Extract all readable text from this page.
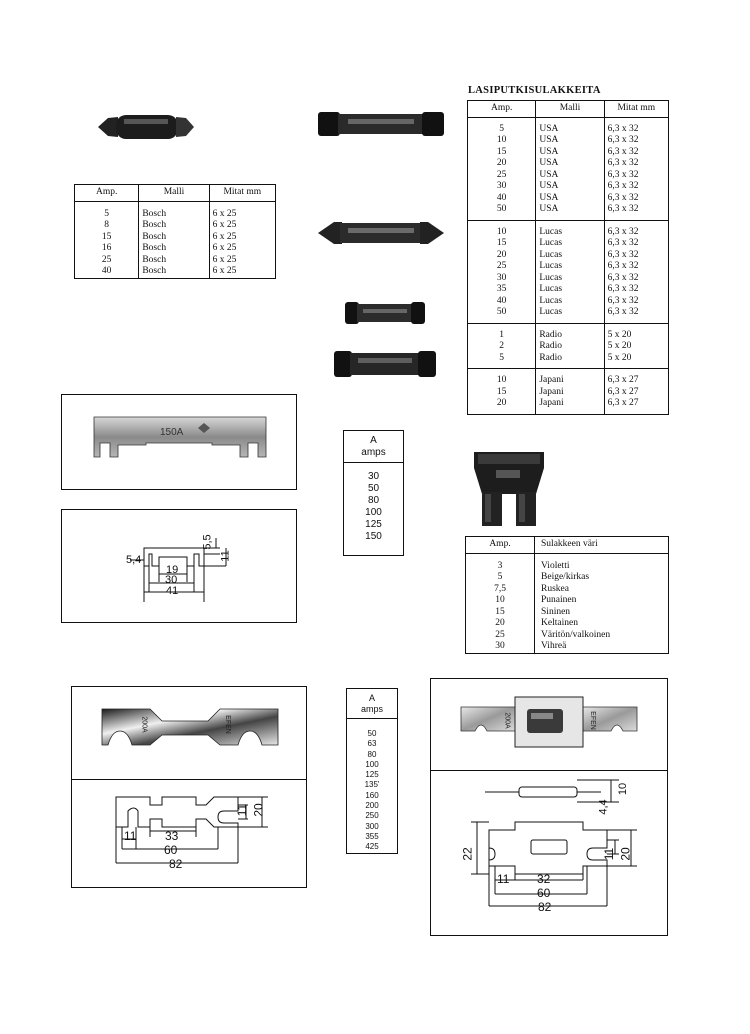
Amp.	Malli	Mitat mm
5	Bosch	6 x 25
8	Bosch	6 x 25
15	Bosch	6 x 25
16	Bosch	6 x 25
25	Bosch	6 x 25
40	Bosch	6 x 25
LASIPUTKISULAKKEITA
Amp.	Malli	Mitat mm
5	USA	6,3 x 32
10	USA	6,3 x 32
15	USA	6,3 x 32
20	USA	6,3 x 32
25	USA	6,3 x 32
30	USA	6,3 x 32
40	USA	6,3 x 32
50	USA	6,3 x 32
10	Lucas	6,3 x 32
15	Lucas	6,3 x 32
20	Lucas	6,3 x 32
25	Lucas	6,3 x 32
30	Lucas	6,3 x 32
35	Lucas	6,3 x 32
40	Lucas	6,3 x 32
50	Lucas	6,3 x 32
1	Radio	5 x 20
2	Radio	5 x 20
5	Radio	5 x 20
10	Japani	6,3 x 27
15	Japani	6,3 x 27
20	Japani	6,3 x 27
Amp.	Sulakkeen väri
3	Violetti
5	Beige/kirkas
7,5	Ruskea
10	Punainen
15	Sininen
20	Keltainen
25	Väritön/valkoinen
30	Vihreä
150A
5,4
19
30
41
5,5
11
A
amps
30
50
80
100
125
150
200A	EFEN
11 33
60
82
11 20
A
amps
50
63
80
100
125
135'
160
200
250
300
355
425
200A	EFEN
11 32
60
82
22	11 20
4,4
10
